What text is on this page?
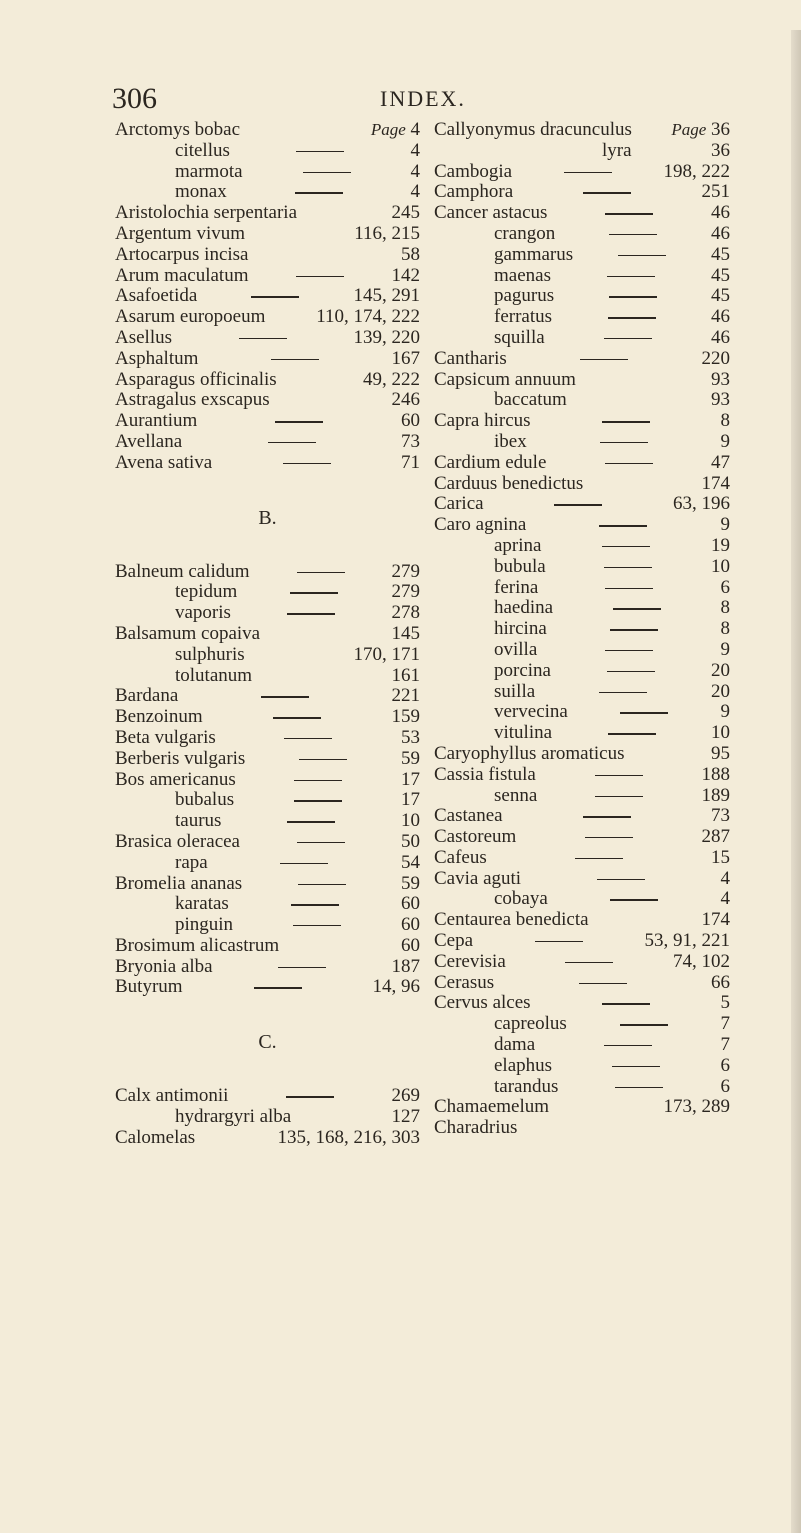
306	INDEX.
Arctomys bobac	Page 4
citellus	4
marmota	4
monax	4
Aristolochia serpentaria	245
Argentum vivum	116, 215
Artocarpus incisa	58
Arum maculatum	142
Asafoetida	145, 291
Asarum europoeum	110, 174, 222
Asellus	139, 220
Asphaltum	167
Asparagus officinalis	49, 222
Astragalus exscapus	246
Aurantium	60
Avellana	73
Avena sativa	71
B.
Balneum calidum	279
tepidum	279
vaporis	278
Balsamum copaiva	145
sulphuris	170, 171
tolutanum	161
Bardana	221
Benzoinum	159
Beta vulgaris	53
Berberis vulgaris	59
Bos americanus	17
bubalus	17
taurus	10
Brasica oleracea	50
rapa	54
Bromelia ananas	59
karatas	60
pinguin	60
Brosimum alicastrum	60
Bryonia alba	187
Butyrum	14, 96
C.
Calx antimonii	269
hydrargyri alba	127
Calomelas	135, 168, 216, 303
Callyonymus dracunculus Page 36
lyra	36
Cambogia	198, 222
Camphora	251
Cancer astacus	46
crangon	46
gammarus	45
maenas	45
pagurus	45
ferratus	46
squilla	46
Cantharis	220
Capsicum annuum	93
baccatum	93
Capra hircus	8
ibex	9
Cardium edule	47
Carduus benedictus	174
Carica	63, 196
Caro agnina	9
aprina	19
bubula	10
ferina	6
haedina	8
hircina	8
ovilla	9
porcina	20
suilla	20
vervecina	9
vitulina	10
Caryophyllus aromaticus	95
Cassia fistula	188
senna	189
Castanea	73
Castoreum	287
Cafeus	15
Cavia aguti	4
cobaya	4
Centaurea benedicta	174
Cepa	53, 91, 221
Cerevisia	74, 102
Cerasus	66
Cervus alces	5
capreolus	7
dama	7
elaphus	6
tarandus	6
Chamaemelum	173, 289
Charadrius
